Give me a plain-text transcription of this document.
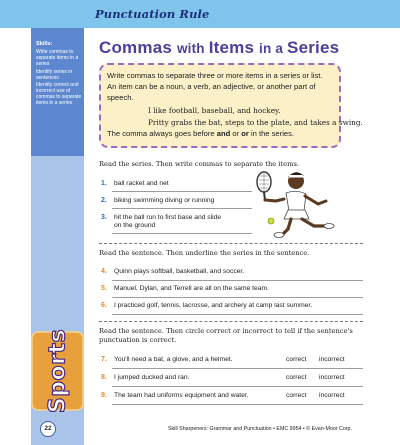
Punctuation Rule
Skills:
Write commas to separate items in a series
Identify series in sentences
Identify correct and incorrect use of commas to separate items in a series
Sports
22
Commas with Items in a Series
Write commas to separate three or more items in a series or list.
An item can be a noun, a verb, an adjective, or another part of
speech.
I like football, baseball, and hockey.
Pritty grabs the bat, steps to the plate, and takes a swing.
The comma always goes before and or or in the series.
Read the series. Then write commas to separate the items.
1. ball racket and net
2. biking swimming diving or running
3. hit the ball run to first base and slide
on the ground
Read the sentence. Then underline the series in the sentence.
4. Quinn plays softball, basketball, and soccer.
5. Manuel, Dylan, and Terrell are all on the same team.
6. I practiced golf, tennis, lacrosse, and archery at camp last summer.
Read the sentence. Then circle correct or incorrect to tell if the sentence's
punctuation is correct.
7. You'll need a bat, a glove, and a helmet.	correct incorrect
8. I jumped ducked and ran.	correct incorrect
9. The team had uniforms equipment and water.	correct incorrect
Skill Sharpeners: Grammar and Punctuation • EMC 9954 • © Evan-Moor Corp.
